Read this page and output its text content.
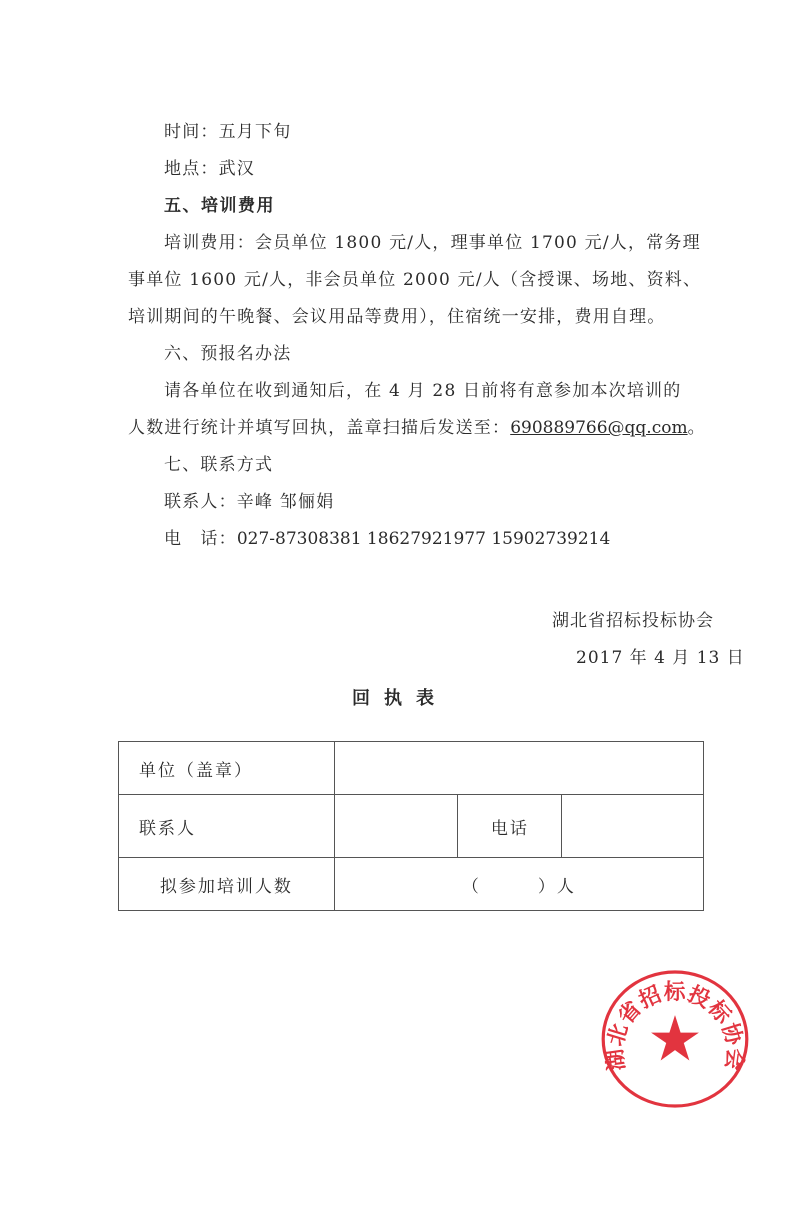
时间：五月下旬
地点：武汉
五、培训费用
培训费用：会员单位 1800 元/人，理事单位 1700 元/人，常务理
事单位 1600 元/人，非会员单位 2000 元/人（含授课、场地、资料、
培训期间的午晚餐、会议用品等费用），住宿统一安排，费用自理。
六、预报名办法
请各单位在收到通知后，在 4 月 28 日前将有意参加本次培训的
人数进行统计并填写回执，盖章扫描后发送至：690889766@qq.com。
七、联系方式
联系人：辛峰 邹俪娟
电　话：027-87308381 18627921977 15902739214
湖北省招标投标协会
2017 年 4 月 13 日
湖北省招标投标协会
回执表
单位（盖章）			
联系人		电话	
拟参加培训人数	（　　　）人		
